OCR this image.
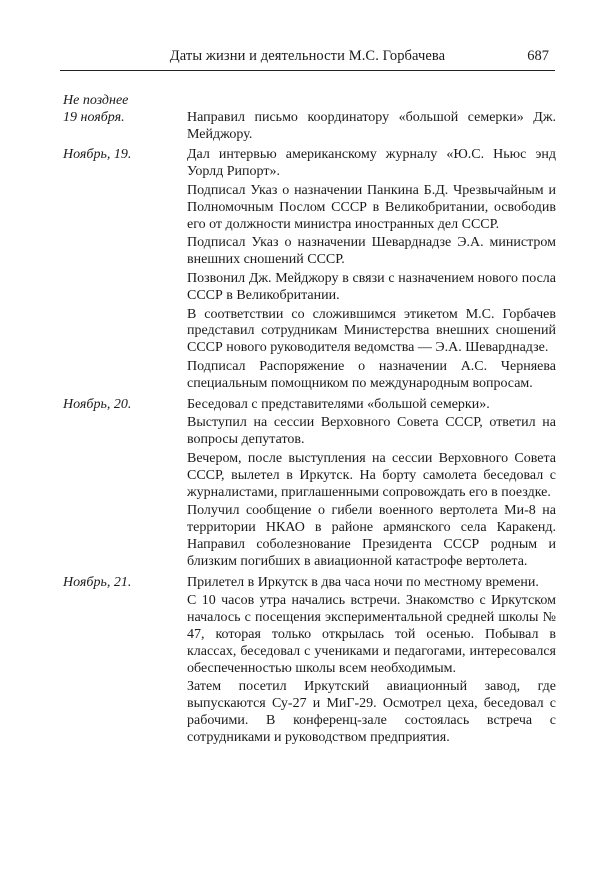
Даты жизни и деятельности М.С. Горбачева	687
Не позднее
19 ноября.	Направил письмо координатору «большой семерки» Дж. Мейджору.

Ноябрь, 19.	Дал интервью американскому журналу «Ю.С. Ньюс энд Уорлд Рипорт».

Подписал Указ о назначении Панкина Б.Д. Чрезвычайным и Полномочным Послом СССР в Великобритании, освободив его от должности министра иностранных дел СССР.

Подписал Указ о назначении Шеварднадзе Э.А. министром внешних сношений СССР.

Позвонил Дж. Мейджору в связи с назначением нового посла СССР в Великобритании.

В соответствии со сложившимся этикетом М.С. Горбачев представил сотрудникам Министерства внешних сношений СССР нового руководителя ведомства — Э.А. Шеварднадзе.

Подписал Распоряжение о назначении А.С. Черняева специальным помощником по международным вопросам.

Ноябрь, 20.	Беседовал с представителями «большой семерки».

Выступил на сессии Верховного Совета СССР, ответил на вопросы депутатов.

Вечером, после выступления на сессии Верховного Совета СССР, вылетел в Иркутск. На борту самолета беседовал с журналистами, приглашенными сопровождать его в поездке.

Получил сообщение о гибели военного вертолета Ми-8 на территории НКАО в районе армянского села Каракенд. Направил соболезнование Президента СССР родным и близким погибших в авиационной катастрофе вертолета.

Ноябрь, 21.	Прилетел в Иркутск в два часа ночи по местному времени.

С 10 часов утра начались встречи. Знакомство с Иркутском началось с посещения экспериментальной средней школы № 47, которая только открылась той осенью. Побывал в классах, беседовал с учениками и педагогами, интересовался обеспеченностью школы всем необходимым.

Затем посетил Иркутский авиационный завод, где выпускаются Су-27 и МиГ-29. Осмотрел цеха, беседовал с рабочими. В конференц-зале состоялась встреча с сотрудниками и руководством предприятия.
